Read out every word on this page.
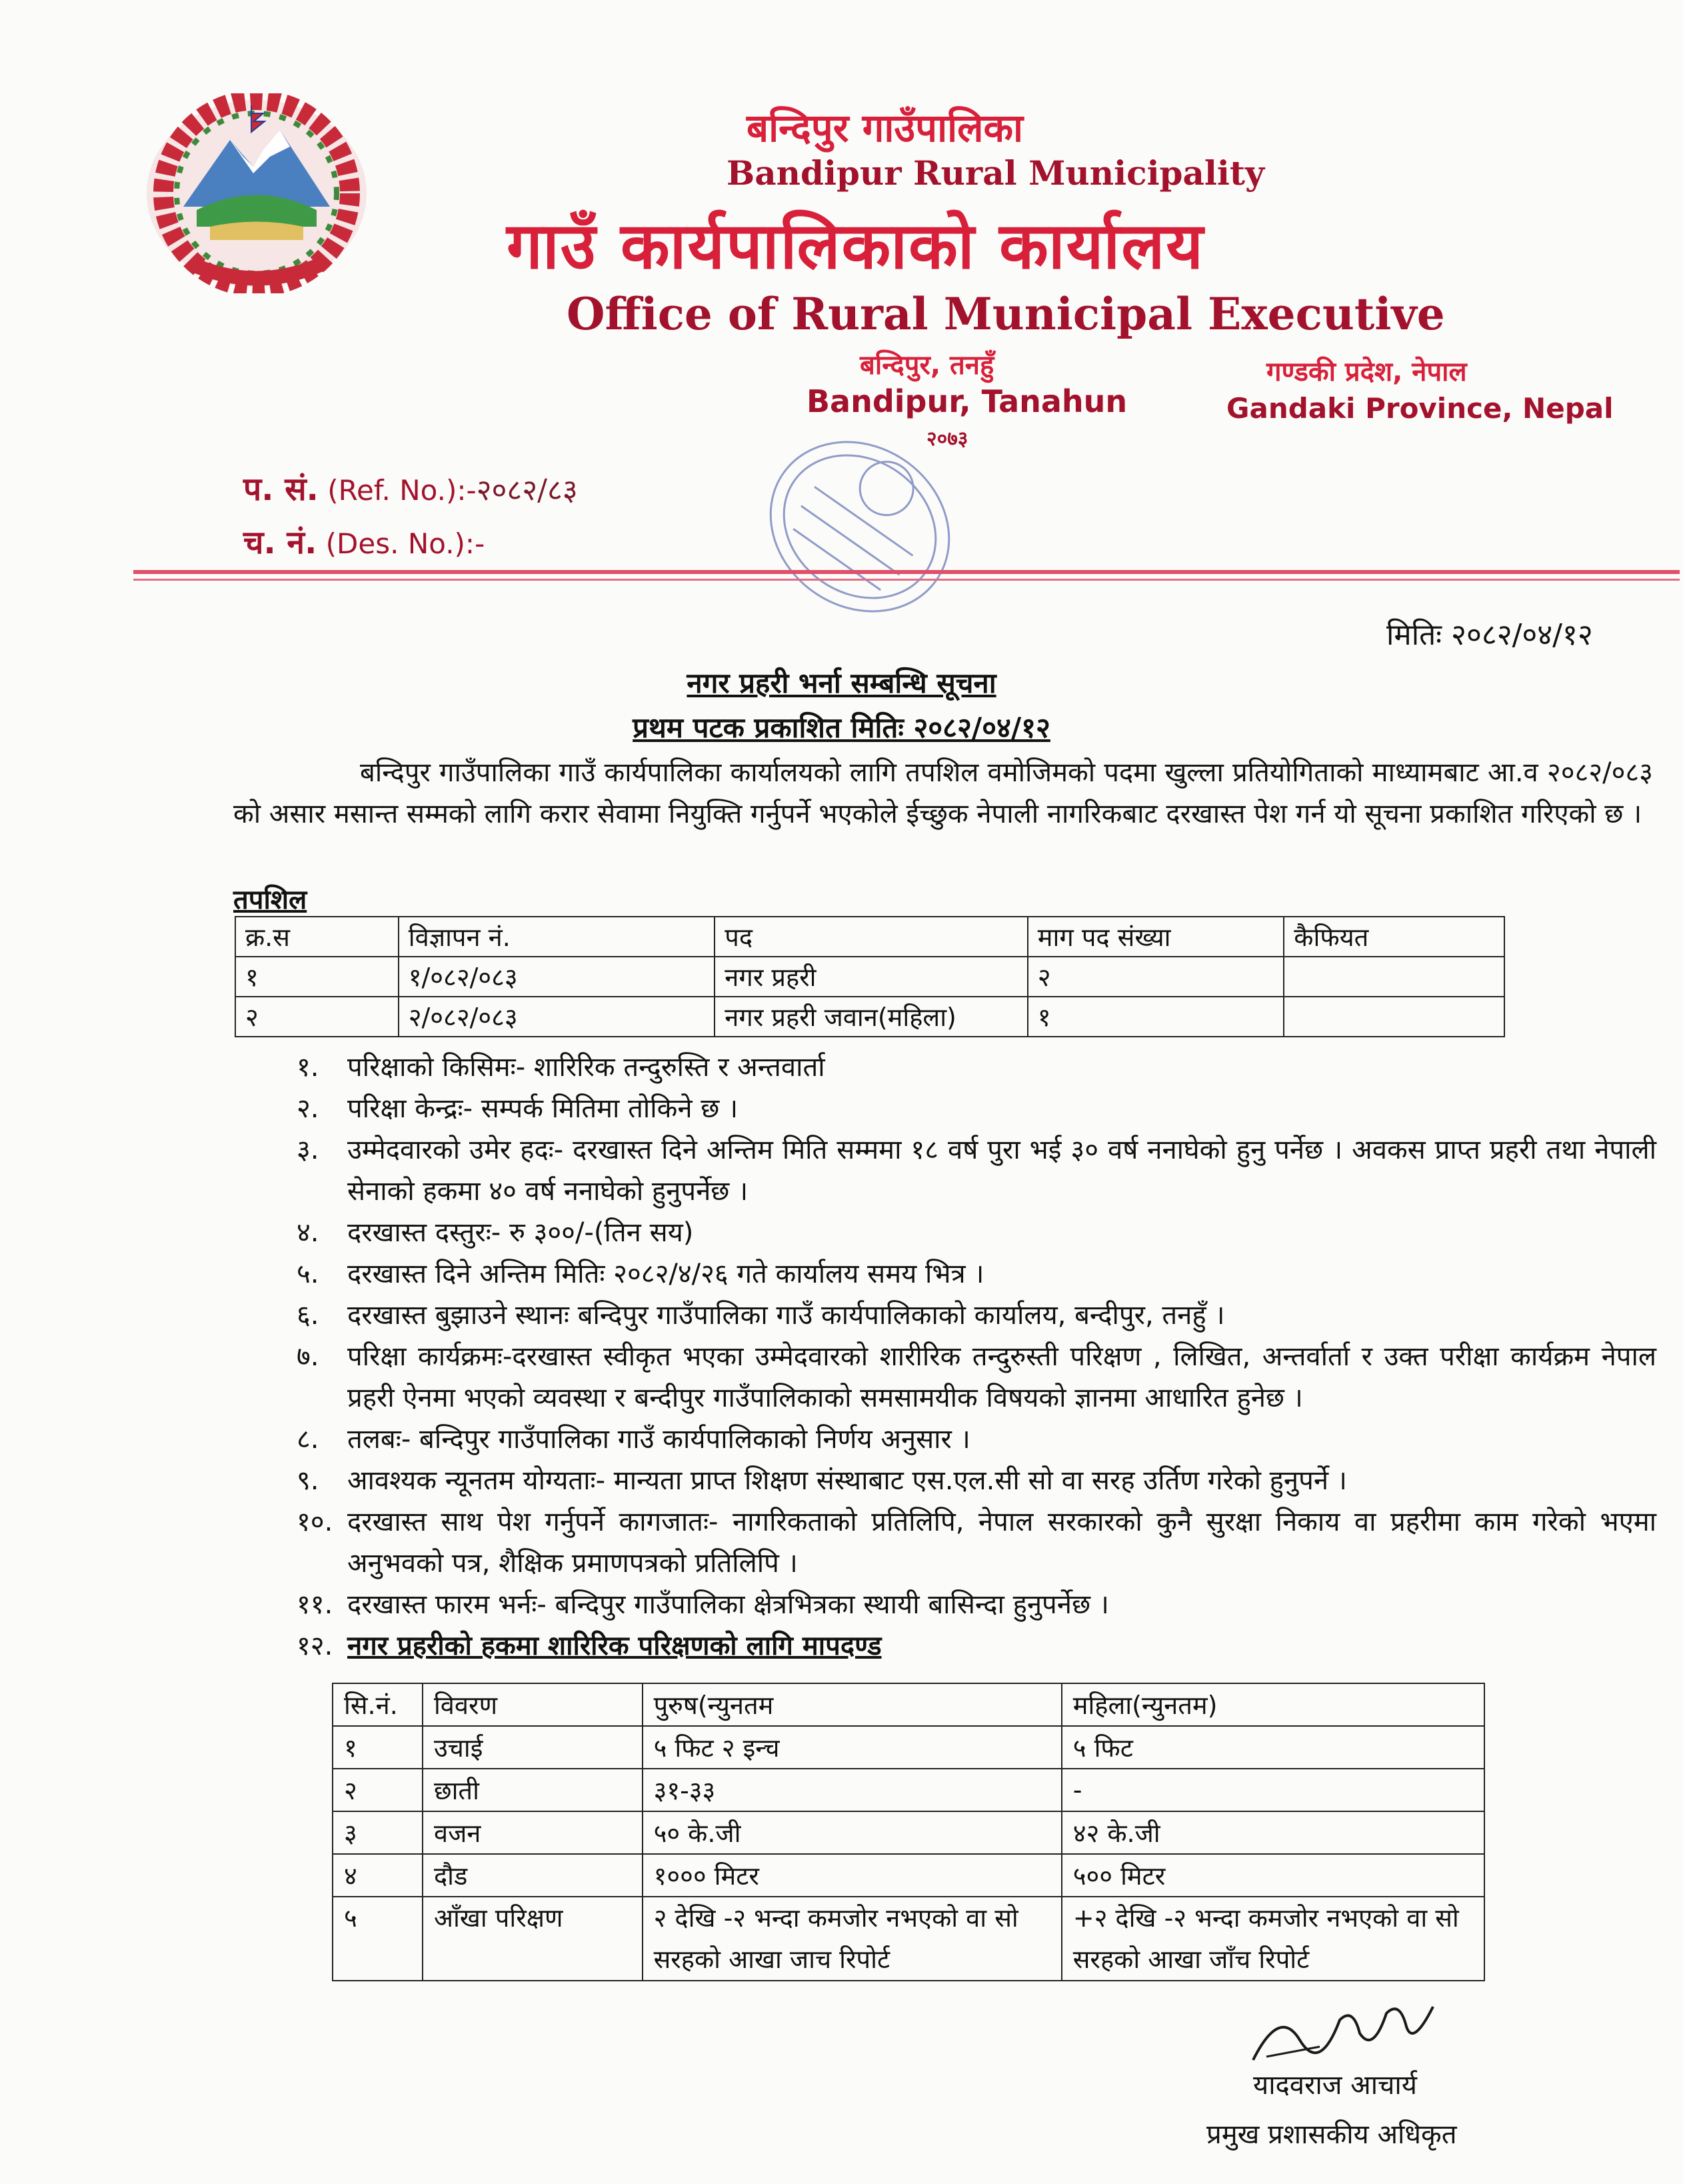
बन्दिपुर गाउँपालिका
Bandipur Rural Municipality
गाउँ कार्यपालिकाको कार्यालय
Office of Rural Municipal Executive
बन्दिपुर, तनहुँ
Bandipur, Tanahun
२०७३
गण्डकी प्रदेश, नेपाल
Gandaki Province, Nepal
प. सं. (Ref. No.):-२०८२/८३
च. नं. (Des. No.):-
मितिः २०८२/०४/१२
नगर प्रहरी भर्ना सम्बन्धि सूचना
प्रथम पटक प्रकाशित मितिः २०८२/०४/१२
बन्दिपुर गाउँपालिका गाउँ कार्यपालिका कार्यालयको लागि तपशिल वमोजिमको पदमा खुल्ला प्रतियोगिताको माध्यामबाट आ.व २०८२/०८३ को असार मसान्त सम्मको लागि करार सेवामा नियुक्ति गर्नुपर्ने भएकोले ईच्छुक नेपाली नागरिकबाट दरखास्त पेश गर्न यो सूचना प्रकाशित गरिएको छ ।
तपशिल
क्र.स	विज्ञापन नं.	पद	माग पद संख्या	कैफियत
१	१/०८२/०८३	नगर प्रहरी	२	
२	२/०८२/०८३	नगर प्रहरी जवान(महिला)	१	
१.	परिक्षाको किसिमः- शारिरिक तन्दुरुस्ति र अन्तवार्ता
२.	परिक्षा केन्द्रः- सम्पर्क मितिमा तोकिने छ ।
३.	उम्मेदवारको उमेर हदः- दरखास्त दिने अन्तिम मिति सम्ममा १८ वर्ष पुरा भई ३० वर्ष ननाघेको हुनु पर्नेछ । अवकस प्राप्त प्रहरी तथा नेपाली सेनाको हकमा ४० वर्ष ननाघेको हुनुपर्नेछ ।
४.	दरखास्त दस्तुरः- रु ३००/-(तिन सय)
५.	दरखास्त दिने अन्तिम मितिः २०८२/४/२६ गते कार्यालय समय भित्र ।
६.	दरखास्त बुझाउने स्थानः बन्दिपुर गाउँपालिका गाउँ कार्यपालिकाको कार्यालय, बन्दीपुर, तनहुँ ।
७.	परिक्षा कार्यक्रमः-दरखास्त स्वीकृत भएका उम्मेदवारको शारीरिक तन्दुरुस्ती परिक्षण , लिखित, अन्तर्वार्ता र उक्त परीक्षा कार्यक्रम नेपाल प्रहरी ऐनमा भएको व्यवस्था र बन्दीपुर गाउँपालिकाको समसामयीक विषयको ज्ञानमा आधारित हुनेछ ।
८.	तलबः- बन्दिपुर गाउँपालिका गाउँ कार्यपालिकाको निर्णय अनुसार ।
९.	आवश्यक न्यूनतम योग्यताः- मान्यता प्राप्त शिक्षण संस्थाबाट एस.एल.सी सो वा सरह उर्तिण गरेको हुनुपर्ने ।
१०. दरखास्त साथ पेश गर्नुपर्ने कागजातः- नागरिकताको प्रतिलिपि, नेपाल सरकारको कुनै सुरक्षा निकाय वा प्रहरीमा काम गरेको भएमा अनुभवको पत्र, शैक्षिक प्रमाणपत्रको प्रतिलिपि ।
११. दरखास्त फारम भर्नः- बन्दिपुर गाउँपालिका क्षेत्रभित्रका स्थायी बासिन्दा हुनुपर्नेछ ।
१२. नगर प्रहरीको हकमा शारिरिक परिक्षणको लागि मापदण्ड
सि.नं.	विवरण	पुरुष(न्युनतम	महिला(न्युनतम)
१	उचाई	५ फिट २ इन्च	५ फिट
२	छाती	३१-३३	-
३	वजन	५० के.जी	४२ के.जी
४	दौड	१००० मिटर	५०० मिटर
५	आँखा परिक्षण	२ देखि -२ भन्दा कमजोर नभएको वा सो सरहको आखा जाच रिपोर्ट	+२ देखि -२ भन्दा कमजोर नभएको वा सो सरहको आखा जाँच रिपोर्ट
यादवराज आचार्य
प्रमुख प्रशासकीय अधिकृत
